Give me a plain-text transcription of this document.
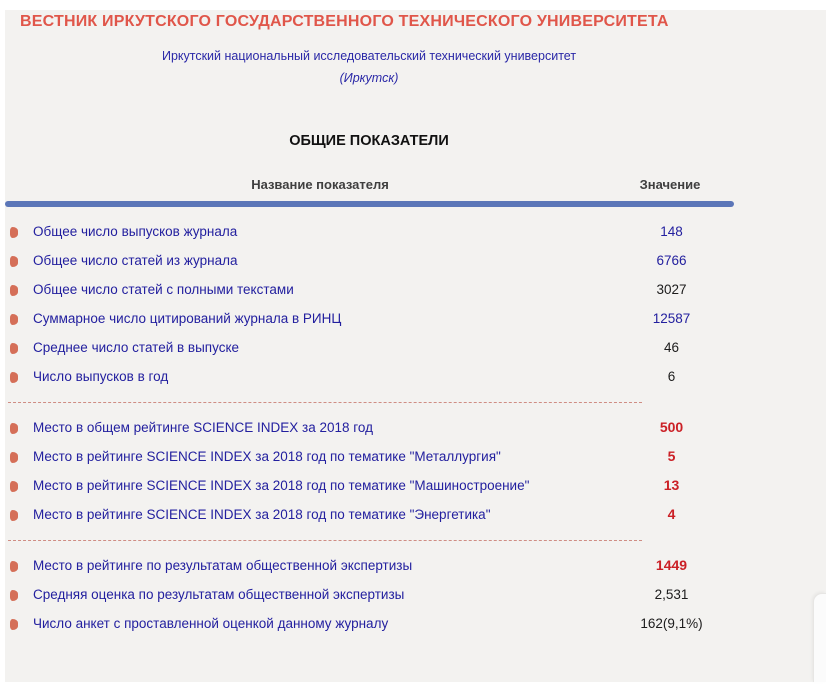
ВЕСТНИК ИРКУТСКОГО ГОСУДАРСТВЕННОГО ТЕХНИЧЕСКОГО УНИВЕРСИТЕТА
Иркутский национальный исследовательский технический университет
(Иркутск)
ОБЩИЕ ПОКАЗАТЕЛИ
Название показателя	Значение
Общее число выпусков журнала	148
Общее число статей из журнала	6766
Общее число статей с полными текстами	3027
Суммарное число цитирований журнала в РИНЦ	12587
Среднее число статей в выпуске	46
Число выпусков в год	6
Место в общем рейтинге SCIENCE INDEX за 2018 год	500
Место в рейтинге SCIENCE INDEX за 2018 год по тематике "Металлургия"	5
Место в рейтинге SCIENCE INDEX за 2018 год по тематике "Машиностроение"	13
Место в рейтинге SCIENCE INDEX за 2018 год по тематике "Энергетика"	4
Место в рейтинге по результатам общественной экспертизы	1449
Средняя оценка по результатам общественной экспертизы	2,531
Число анкет с проставленной оценкой данному журналу	162(9,1%)
